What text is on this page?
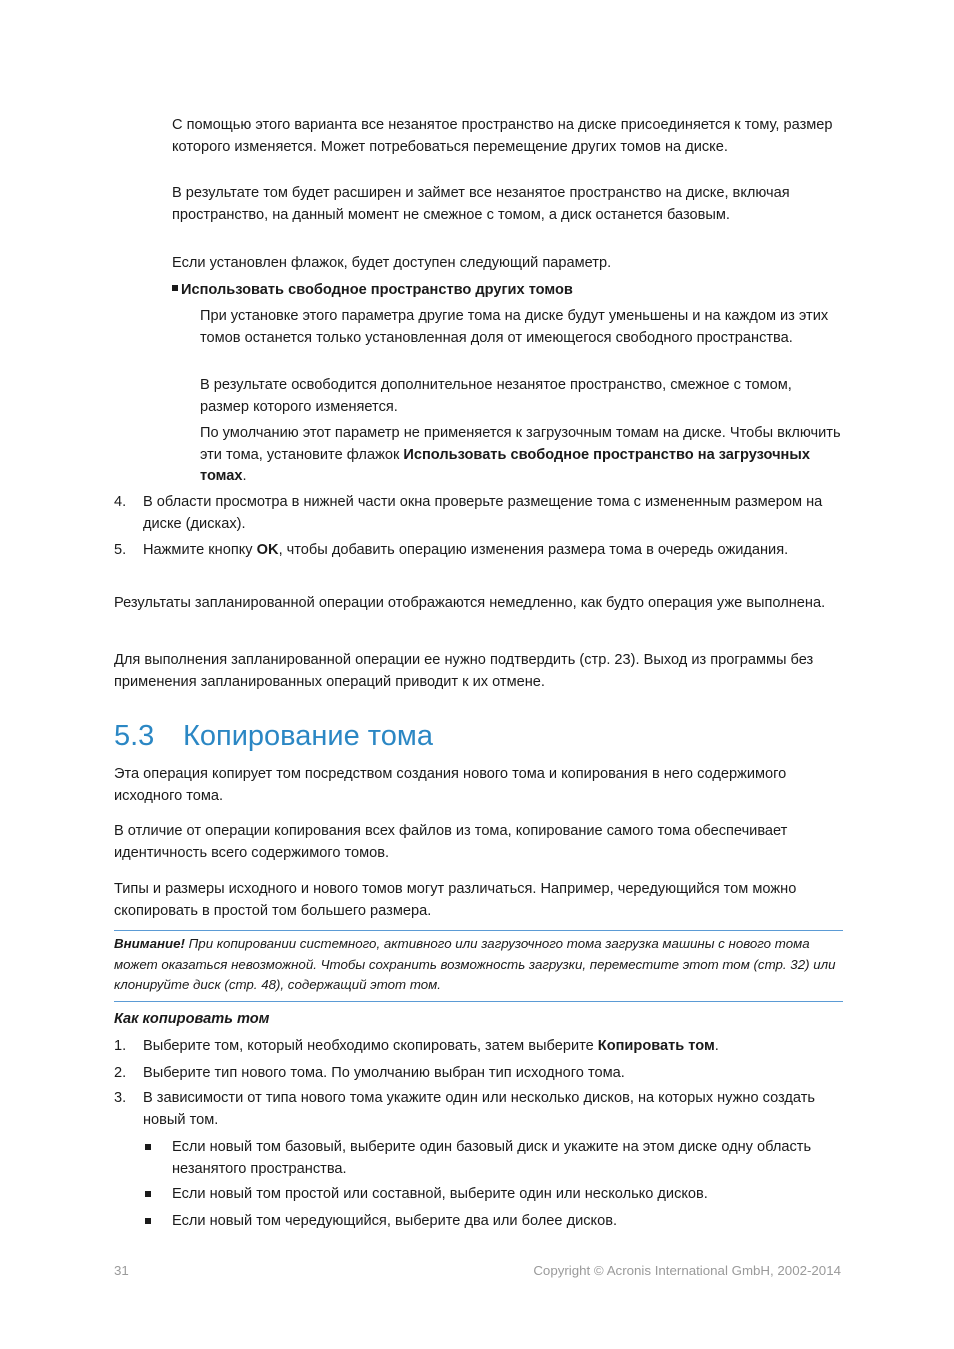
С помощью этого варианта все незанятое пространство на диске присоединяется к тому, размер которого изменяется. Может потребоваться перемещение других томов на диске.

В результате том будет расширен и займет все незанятое пространство на диске, включая пространство, на данный момент не смежное с томом, а диск останется базовым.

Если установлен флажок, будет доступен следующий параметр.

Использовать свободное пространство других томов

При установке этого параметра другие тома на диске будут уменьшены и на каждом из этих томов останется только установленная доля от имеющегося свободного пространства.

В результате освободится дополнительное незанятое пространство, смежное с томом, размер которого изменяется.

По умолчанию этот параметр не применяется к загрузочным томам на диске. Чтобы включить эти тома, установите флажок Использовать свободное пространство на загрузочных томах.

4. В области просмотра в нижней части окна проверьте размещение тома с измененным размером на диске (дисках).

5. Нажмите кнопку OK, чтобы добавить операцию изменения размера тома в очередь ожидания.

Результаты запланированной операции отображаются немедленно, как будто операция уже выполнена.

Для выполнения запланированной операции ее нужно подтвердить (стр. 23). Выход из программы без применения запланированных операций приводит к их отмене.

5.3 Копирование тома

Эта операция копирует том посредством создания нового тома и копирования в него содержимого исходного тома.

В отличие от операции копирования всех файлов из тома, копирование самого тома обеспечивает идентичность всего содержимого томов.

Типы и размеры исходного и нового томов могут различаться. Например, чередующийся том можно скопировать в простой том большего размера.

Внимание! При копировании системного, активного или загрузочного тома загрузка машины с нового тома может оказаться невозможной. Чтобы сохранить возможность загрузки, переместите этот том (стр. 32) или клонируйте диск (стр. 48), содержащий этот том.

Как копировать том

1. Выберите том, который необходимо скопировать, затем выберите Копировать том.

2. Выберите тип нового тома. По умолчанию выбран тип исходного тома.

3. В зависимости от типа нового тома укажите один или несколько дисков, на которых нужно создать новый том.

Если новый том базовый, выберите один базовый диск и укажите на этом диске одну область незанятого пространства.

Если новый том простой или составной, выберите один или несколько дисков.

Если новый том чередующийся, выберите два или более дисков.

31	Copyright © Acronis International GmbH, 2002-2014
